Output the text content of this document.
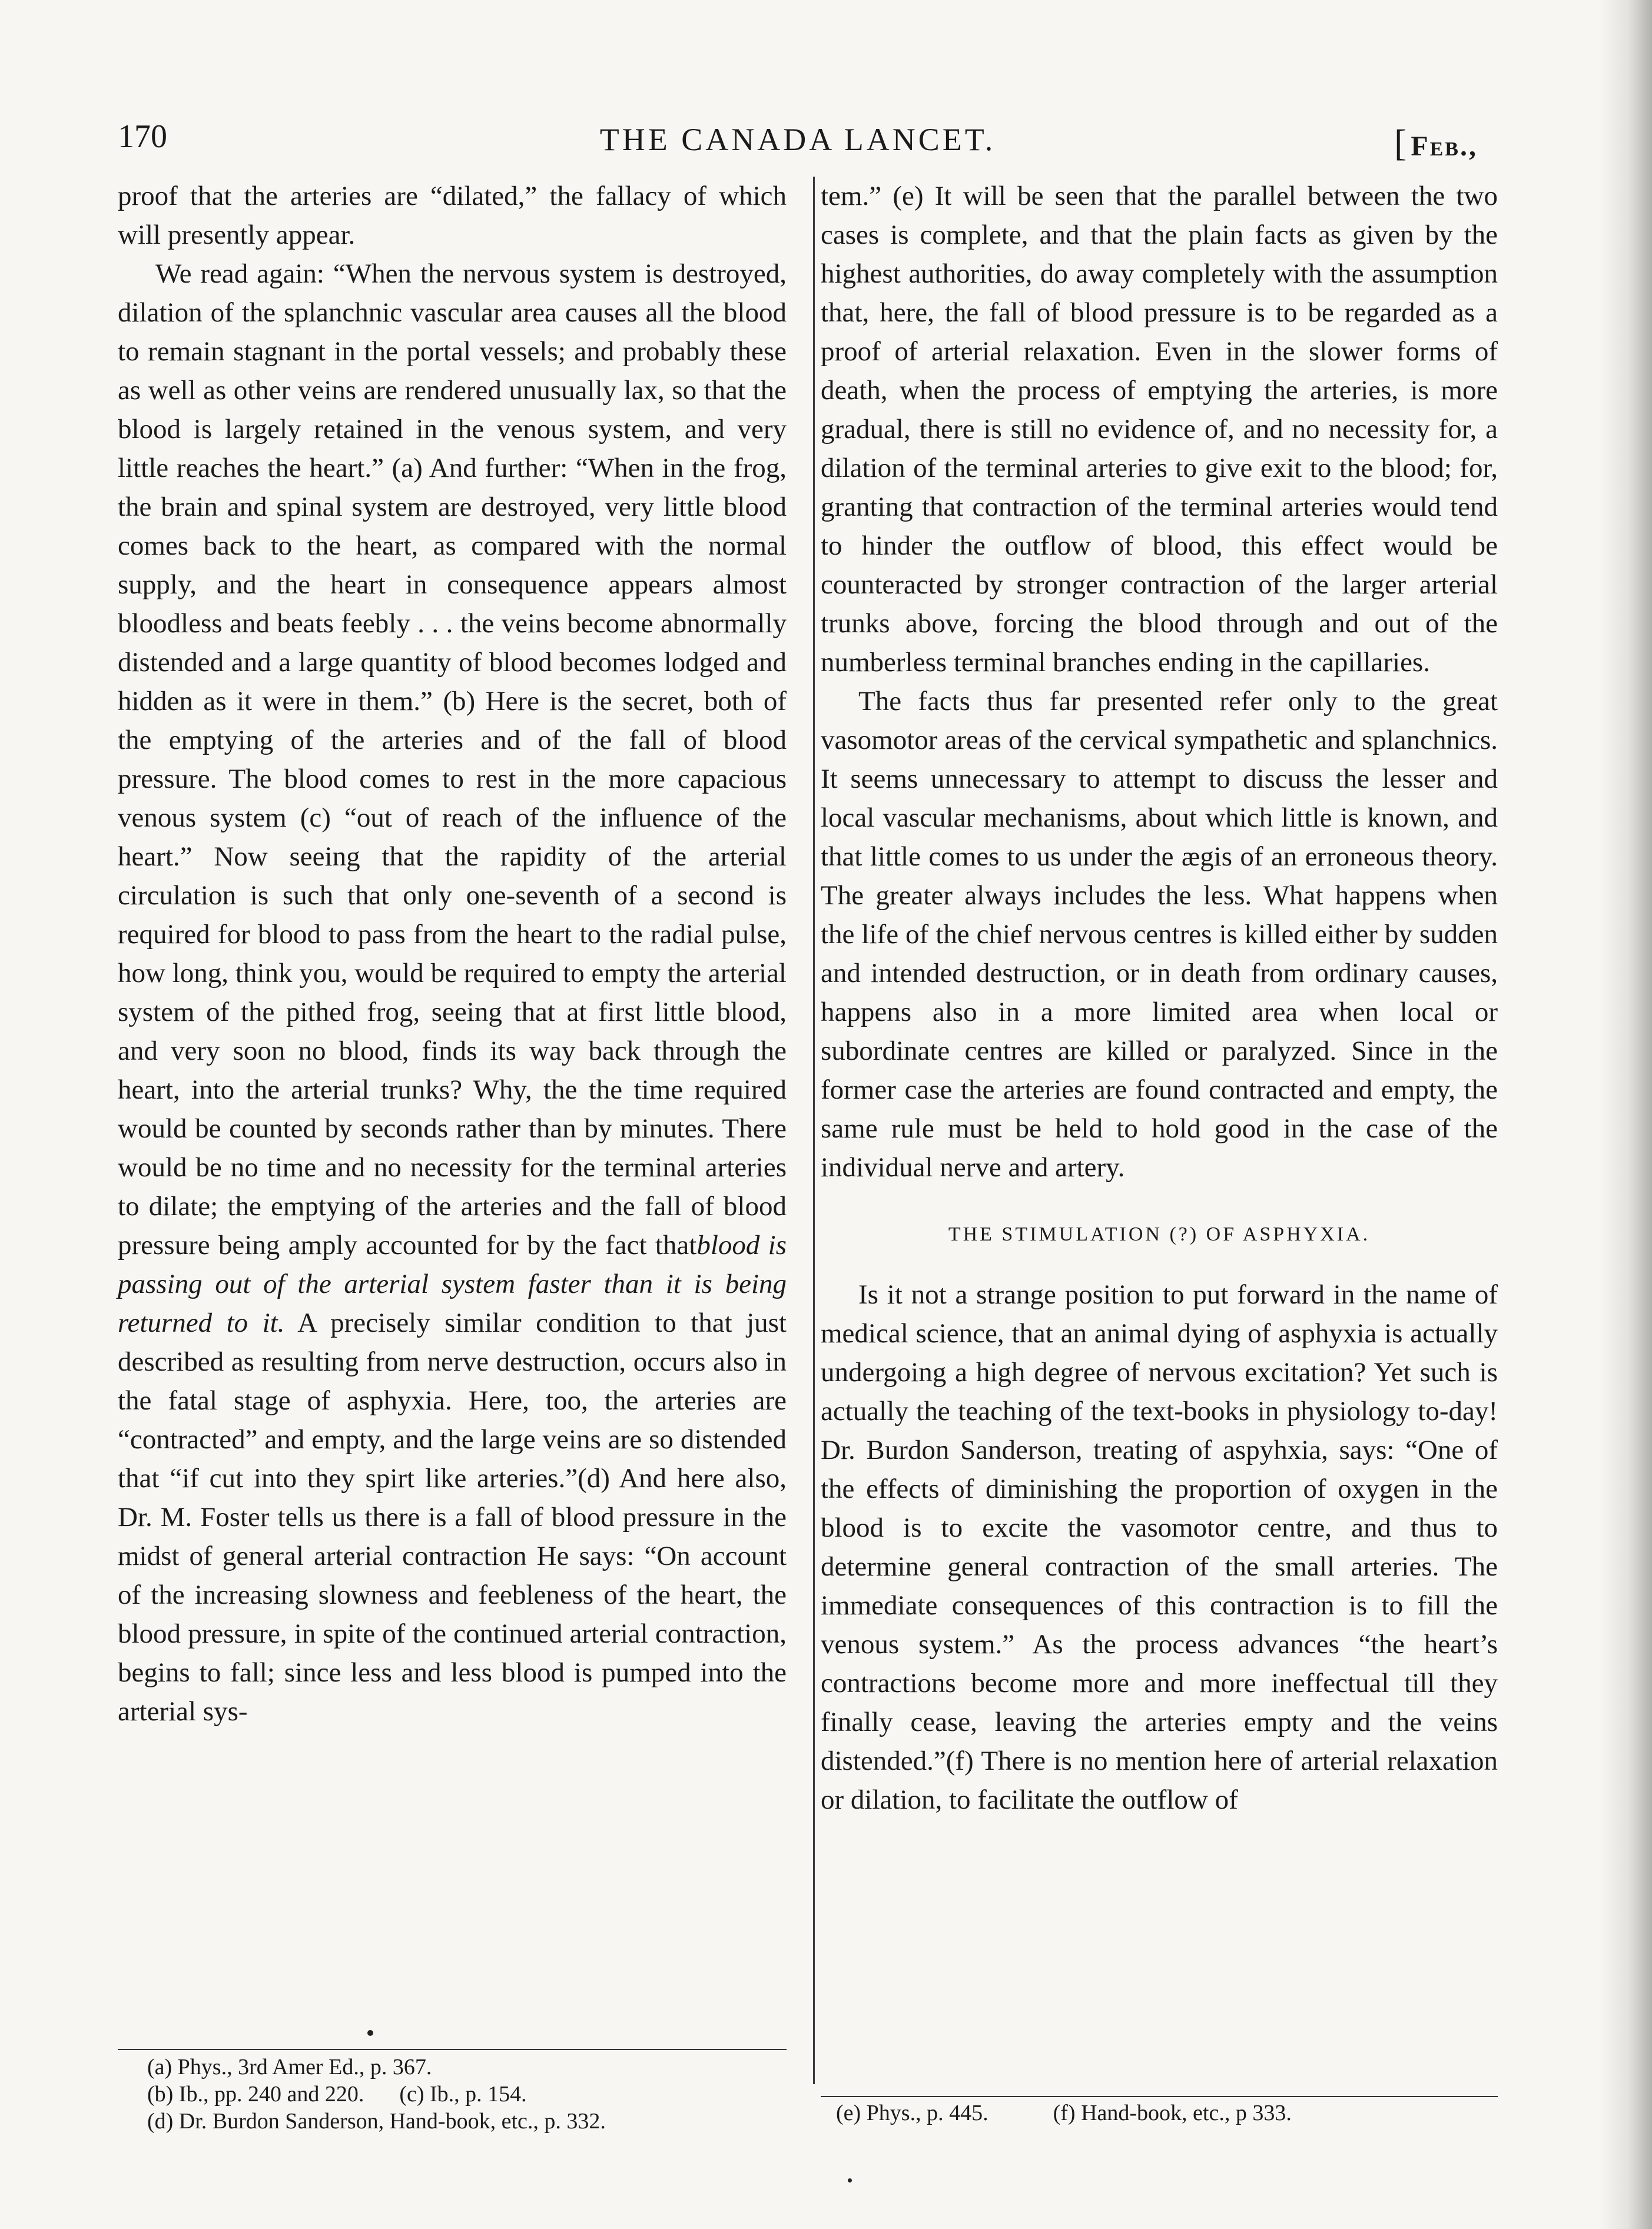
170	THE CANADA LANCET.	[Feb.,

proof that the arteries are “dilated,” the fallacy of which will presently appear.

We read again: “When the nervous system is destroyed, dilation of the splanchnic vascular area causes all the blood to remain stagnant in the portal vessels; and probably these as well as other veins are rendered unusually lax, so that the blood is largely retained in the venous system, and very little reaches the heart.” (a) And further: “When in the frog, the brain and spinal system are destroyed, very little blood comes back to the heart, as compared with the normal supply, and the heart in consequence appears almost bloodless and beats feebly . . . the veins become abnormally distended and a large quantity of blood becomes lodged and hidden as it were in them.” (b) Here is the secret, both of the emptying of the arteries and of the fall of blood pressure. The blood comes to rest in the more capacious venous system (c) “out of reach of the influence of the heart.” Now seeing that the rapidity of the arterial circulation is such that only one-seventh of a second is required for blood to pass from the heart to the radial pulse, how long, think you, would be required to empty the arterial system of the pithed frog, seeing that at first little blood, and very soon no blood, finds its way back through the heart, into the arterial trunks? Why, the the time required would be counted by seconds rather than by minutes. There would be no time and no necessity for the terminal arteries to dilate; the emptying of the arteries and the fall of blood pressure being amply accounted for by the fact thatblood is passing out of the arterial system faster than it is being returned to it. A precisely similar condition to that just described as resulting from nerve destruction, occurs also in the fatal stage of asphyxia. Here, too, the arteries are “contracted” and empty, and the large veins are so distended that “if cut into they spirt like arteries.”(d) And here also, Dr. M. Foster tells us there is a fall of blood pressure in the midst of general arterial contraction He says: “On account of the increasing slowness and feebleness of the heart, the blood pressure, in spite of the continued arterial contraction, begins to fall; since less and less blood is pumped into the arterial sys-

tem.” (e) It will be seen that the parallel between the two cases is complete, and that the plain facts as given by the highest authorities, do away completely with the assumption that, here, the fall of blood pressure is to be regarded as a proof of arterial relaxation. Even in the slower forms of death, when the process of emptying the arteries, is more gradual, there is still no evidence of, and no necessity for, a dilation of the terminal arteries to give exit to the blood; for, granting that contraction of the terminal arteries would tend to hinder the outflow of blood, this effect would be counteracted by stronger contraction of the larger arterial trunks above, forcing the blood through and out of the numberless terminal branches ending in the capillaries.

The facts thus far presented refer only to the great vasomotor areas of the cervical sympathetic and splanchnics. It seems unnecessary to attempt to discuss the lesser and local vascular mechanisms, about which little is known, and that little comes to us under the ægis of an erroneous theory. The greater always includes the less. What happens when the life of the chief nervous centres is killed either by sudden and intended destruction, or in death from ordinary causes, happens also in a more limited area when local or subordinate centres are killed or paralyzed. Since in the former case the arteries are found contracted and empty, the same rule must be held to hold good in the case of the individual nerve and artery.

THE STIMULATION (?) OF ASPHYXIA.

Is it not a strange position to put forward in the name of medical science, that an animal dying of asphyxia is actually undergoing a high degree of nervous excitation? Yet such is actually the teaching of the text-books in physiology to-day! Dr. Burdon Sanderson, treating of aspyhxia, says: “One of the effects of diminishing the proportion of oxygen in the blood is to excite the vasomotor centre, and thus to determine general contraction of the small arteries. The immediate consequences of this contraction is to fill the venous system.” As the process advances “the heart’s contractions become more and more ineffectual till they finally cease, leaving the arteries empty and the veins distended.”(f) There is no mention here of arterial relaxation or dilation, to facilitate the outflow of

(a) Phys., 3rd Amer Ed., p. 367.
(b) Ib., pp. 240 and 220. (c) Ib., p. 154.
(d) Dr. Burdon Sanderson, Hand-book, etc., p. 332.	(e) Phys., p. 445.	(f) Hand-book, etc., p 333.
